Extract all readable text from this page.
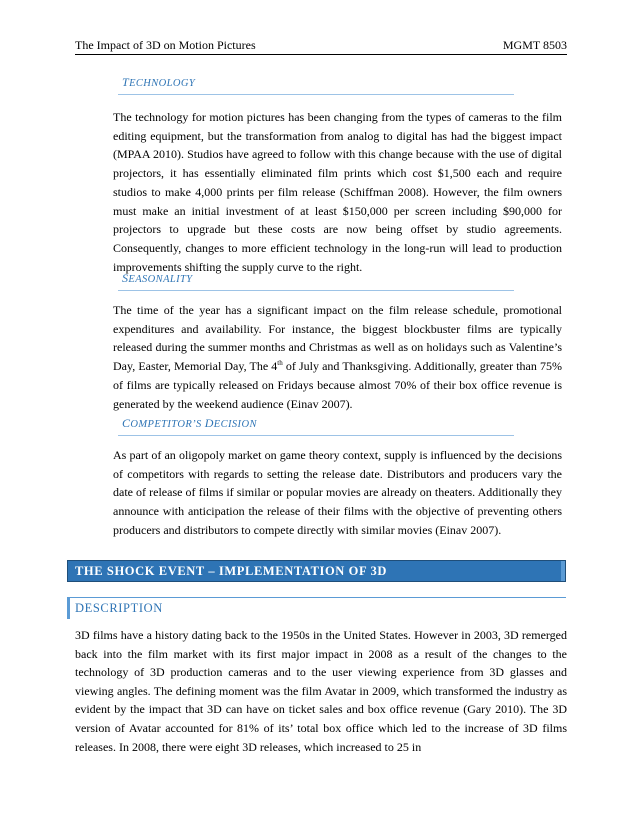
The Impact of 3D on Motion Pictures	MGMT 8503
TECHNOLOGY

The technology for motion pictures has been changing from the types of cameras to the film editing equipment, but the transformation from analog to digital has had the biggest impact (MPAA 2010). Studios have agreed to follow with this change because with the use of digital projectors, it has essentially eliminated film prints which cost $1,500 each and require studios to make 4,000 prints per film release (Schiffman 2008). However, the film owners must make an initial investment of at least $150,000 per screen including $90,000 for projectors to upgrade but these costs are now being offset by studio agreements. Consequently, changes to more efficient technology in the long-run will lead to production improvements shifting the supply curve to the right.

SEASONALITY

The time of the year has a significant impact on the film release schedule, promotional expenditures and availability. For instance, the biggest blockbuster films are typically released during the summer months and Christmas as well as on holidays such as Valentine’s Day, Easter, Memorial Day, The 4th of July and Thanksgiving. Additionally, greater than 75% of films are typically released on Fridays because almost 70% of their box office revenue is generated by the weekend audience (Einav 2007).

COMPETITOR’S DECISION

As part of an oligopoly market on game theory context, supply is influenced by the decisions of competitors with regards to setting the release date. Distributors and producers vary the date of release of films if similar or popular movies are already on theaters. Additionally they announce with anticipation the release of their films with the objective of preventing others producers and distributors to compete directly with similar movies (Einav 2007).

THE SHOCK EVENT – IMPLEMENTATION OF 3D
DESCRIPTION

3D films have a history dating back to the 1950s in the United States. However in 2003, 3D remerged back into the film market with its first major impact in 2008 as a result of the changes to the technology of 3D production cameras and to the user viewing experience from 3D glasses and viewing angles. The defining moment was the film Avatar in 2009, which transformed the industry as evident by the impact that 3D can have on ticket sales and box office revenue (Gary 2010). The 3D version of Avatar accounted for 81% of its’ total box office which led to the increase of 3D films releases. In 2008, there were eight 3D releases, which increased to 25 in
